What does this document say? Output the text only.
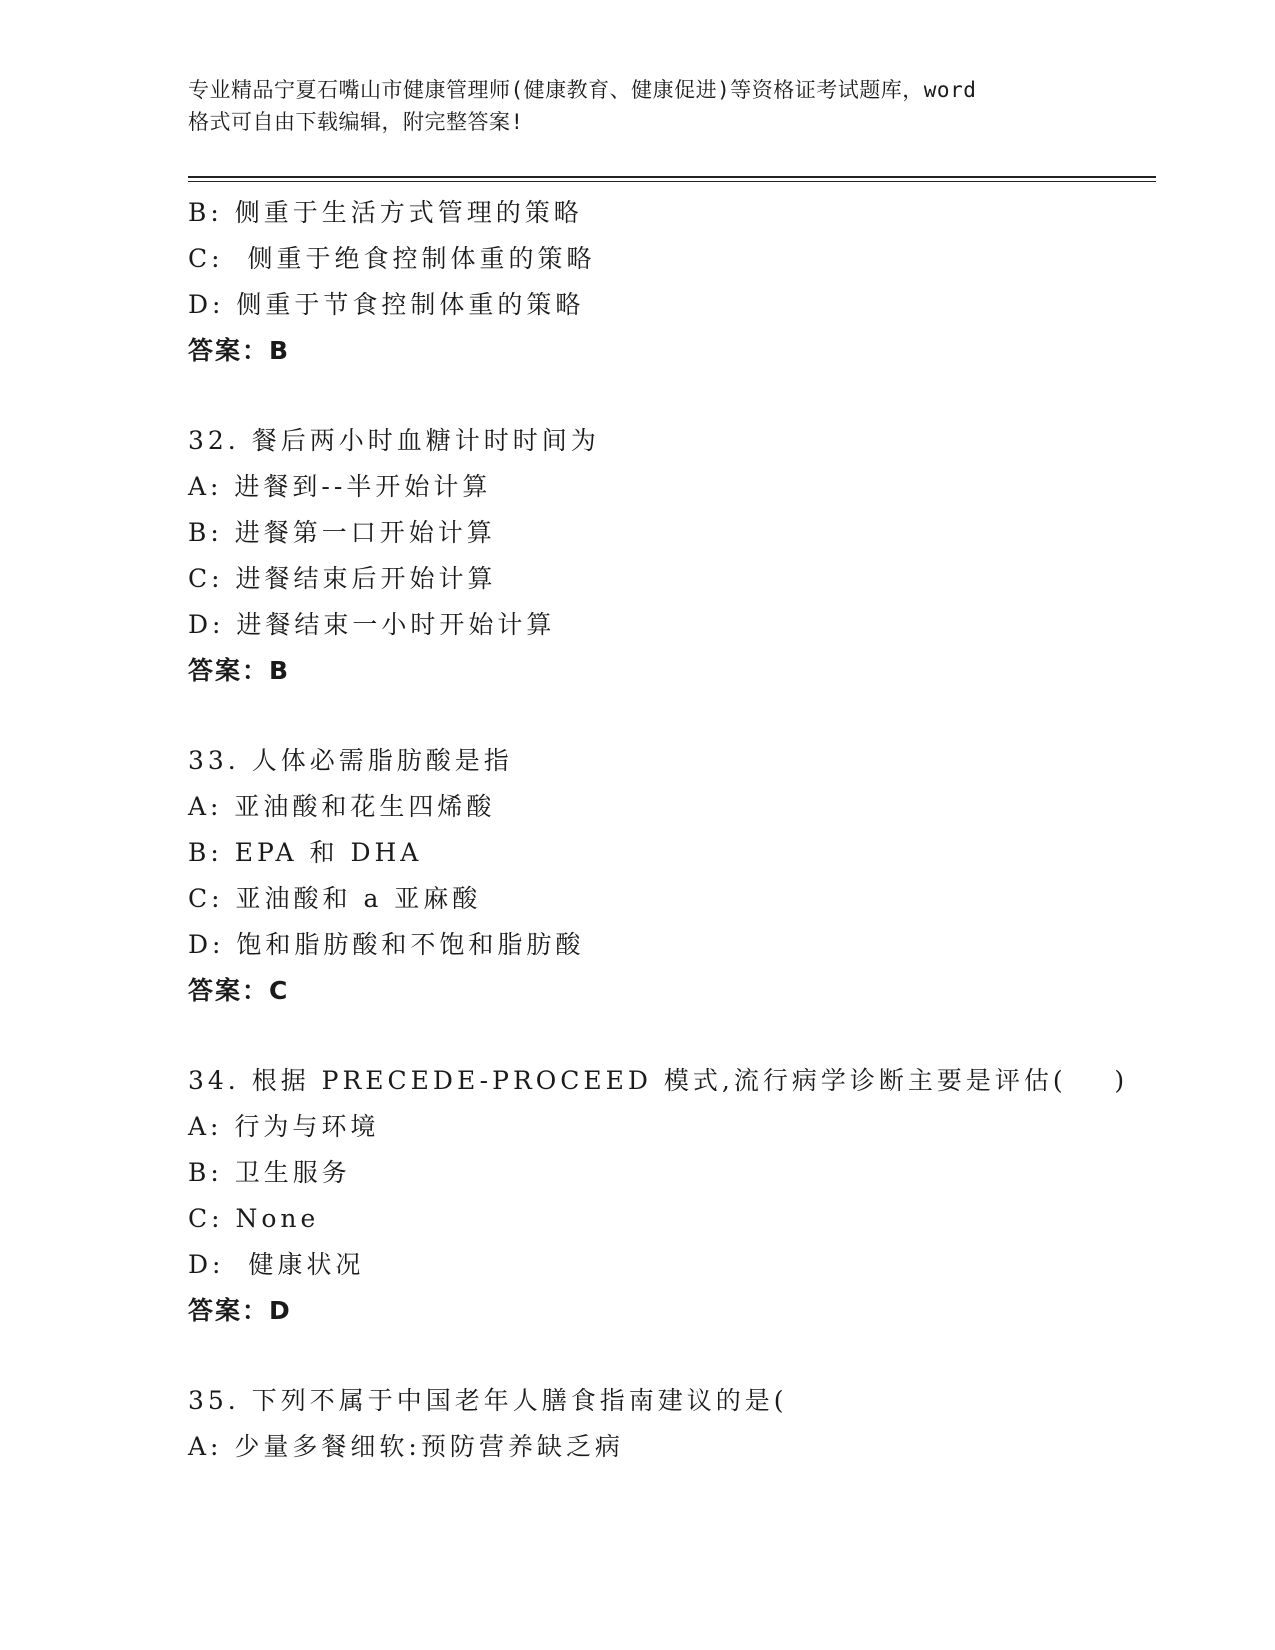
专业精品宁夏石嘴山市健康管理师(健康教育、健康促进)等资格证考试题库，word
格式可自由下载编辑，附完整答案!
B: 侧重于生活方式管理的策略
C:  侧重于绝食控制体重的策略
D: 侧重于节食控制体重的策略
答案：B
32. 餐后两小时血糖计时时间为
A: 进餐到--半开始计算
B: 进餐第一口开始计算
C: 进餐结束后开始计算
D: 进餐结束一小时开始计算
答案：B
33. 人体必需脂肪酸是指
A: 亚油酸和花生四烯酸
B: EPA 和 DHA
C: 亚油酸和 a 亚麻酸
D: 饱和脂肪酸和不饱和脂肪酸
答案：C
34. 根据 PRECEDE-PROCEED 模式,流行病学诊断主要是评估(    )
A: 行为与环境
B: 卫生服务
C: None
D:  健康状况
答案：D
35. 下列不属于中国老年人膳食指南建议的是(
A: 少量多餐细软:预防营养缺乏病
